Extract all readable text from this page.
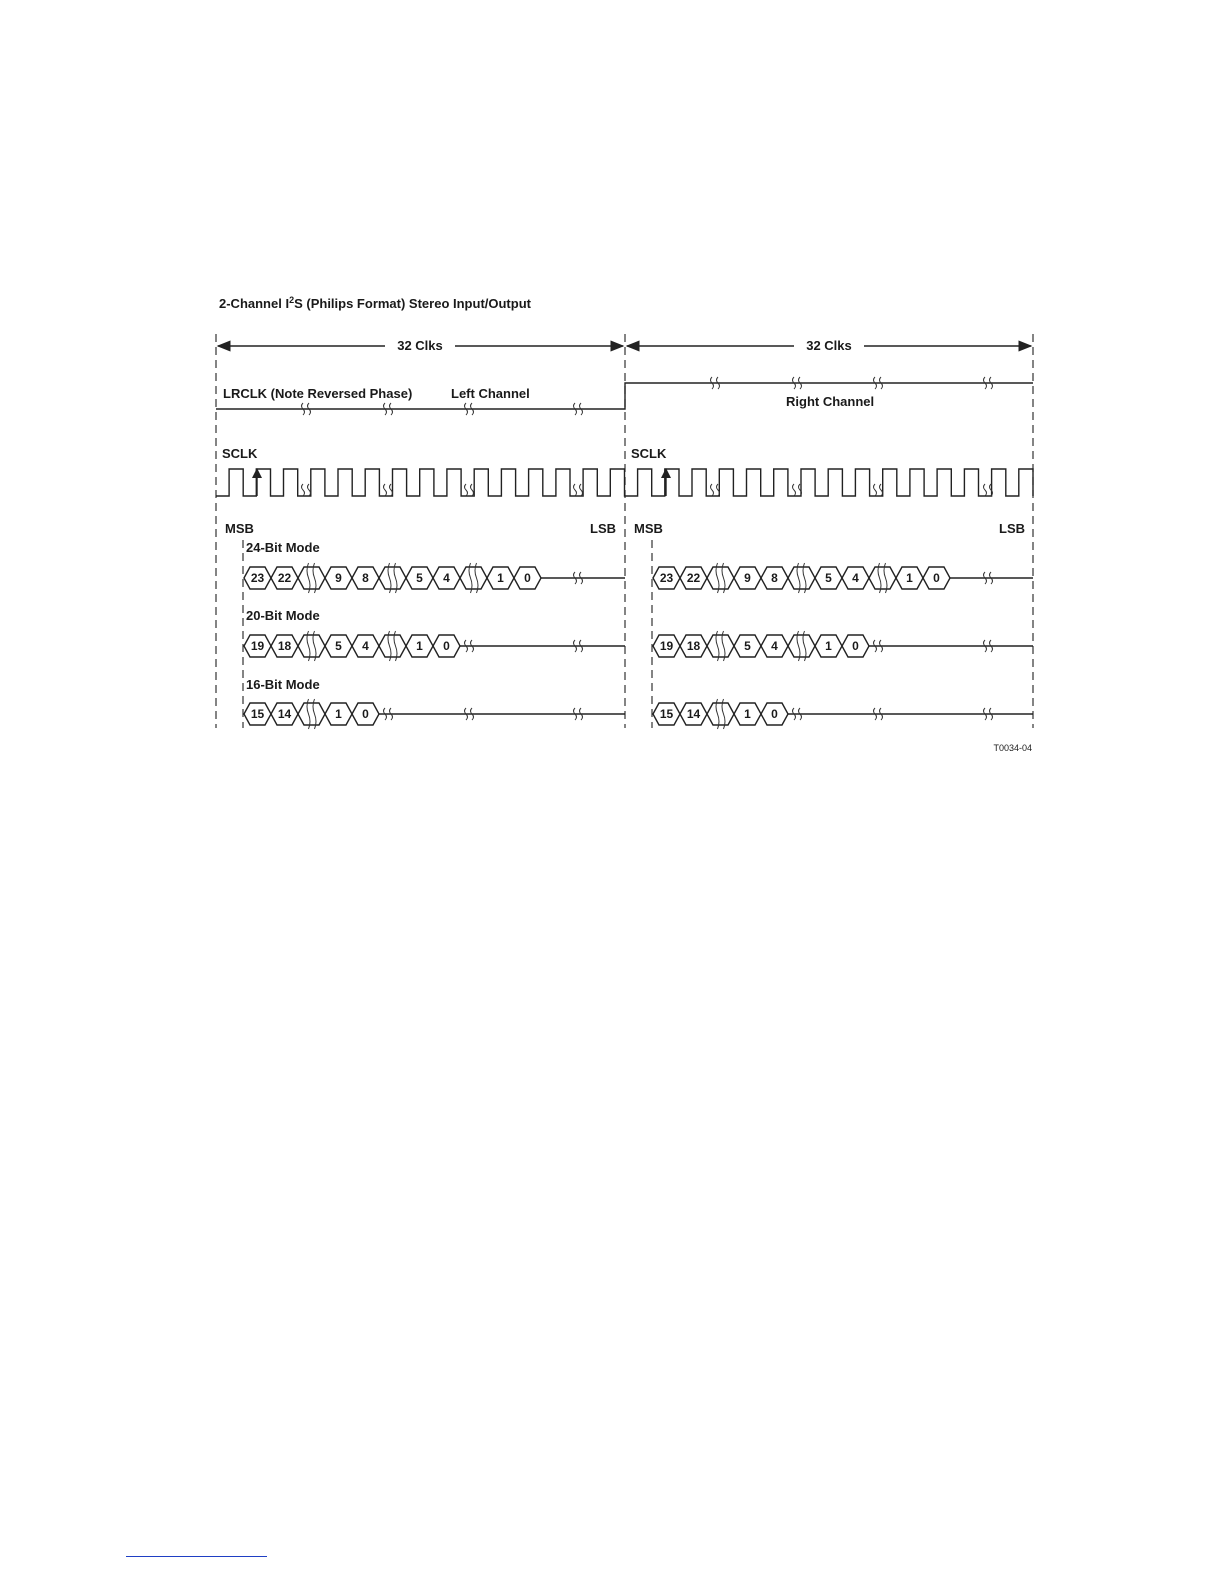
2-Channel $I^2S$ (Philips Format) Stereo Input/Output
32 Clks	32 Clks
LRCLK (Note Reversed Phase)	Left Channel
Right Channel
SCLK	SCLK
MSB	LSB MSB	LSB
24-Bit Mode
20-Bit Mode
16-Bit Mode
23 22	9 8	5 4	1 0	23 22	9 8	5 4	1 0
19 18	5 4	1 0	19 18	5 4	1 0
15 14	1 0	15 14	1 0
T0034-04
